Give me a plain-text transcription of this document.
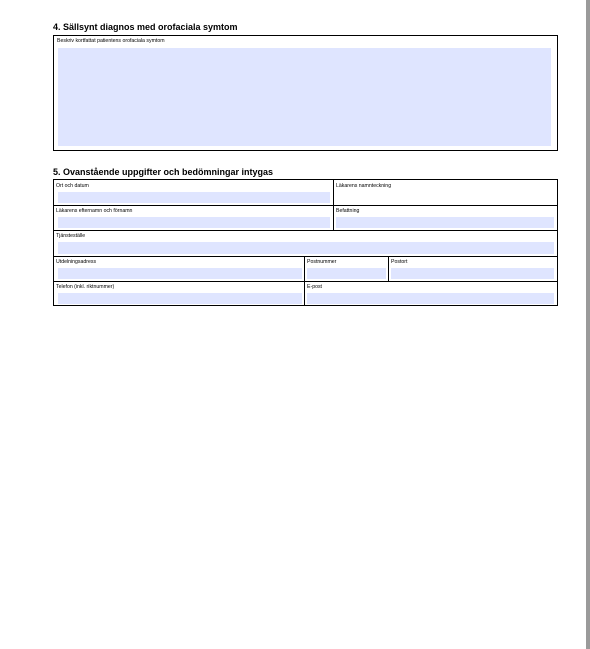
4. Sällsynt diagnos med orofaciala symtom
Beskriv kortfattat patientens orofaciala symtom
5. Ovanstående uppgifter och bedömningar intygas
Ort och datum	Läkarens namnteckning
Läkarens efternamn och förnamn	Befattning
Tjänsteställe
Utdelningsadress	Postnummer	Postort
Telefon (inkl. riktnummer)	E-post
